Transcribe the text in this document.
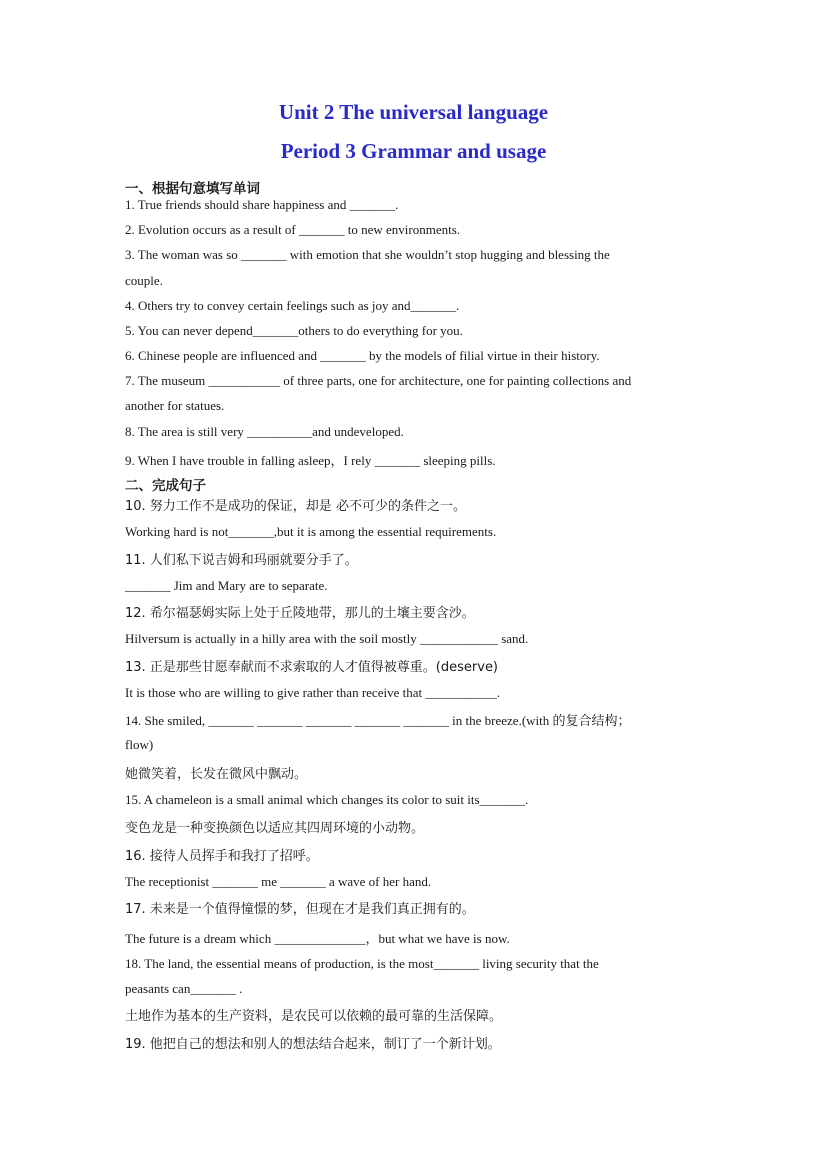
Unit 2 The universal language
Period 3 Grammar and usage
一、根据句意填写单词
1. True friends should share happiness and _______.
2. Evolution occurs as a result of _______ to new environments.
3. The woman was so _______ with emotion that she wouldn’t stop hugging and blessing the
couple.
4. Others try to convey certain feelings such as joy and_______.
5. You can never depend_______others to do everything for you.
6. Chinese people are influenced and _______ by the models of filial virtue in their history.
7. The museum ___________ of three parts, one for architecture, one for painting collections and
another for statues.
8. The area is still very __________and undeveloped.
9. When I have trouble in falling asleep，I rely _______ sleeping pills.
二、完成句子
10. 努力工作不是成功的保证，却是 必不可少的条件之一。
Working hard is not_______,but it is among the essential requirements.
11. 人们私下说吉姆和玛丽就要分手了。
_______ Jim and Mary are to separate.
12. 希尔福瑟姆实际上处于丘陵地带，那儿的土壤主要含沙。
Hilversum is actually in a hilly area with the soil mostly ____________ sand.
13. 正是那些甘愿奉献而不求索取的人才值得被尊重。(deserve)
It is those who are willing to give rather than receive that ___________.
14. She smiled, _______ _______ _______ _______ _______ in the breeze.(with 的复合结构；
flow)
她微笑着，长发在微风中飘动。
15. A chameleon is a small animal which changes its color to suit its_______.
变色龙是一种变换颜色以适应其四周环境的小动物。
16. 接待人员挥手和我打了招呼。
The receptionist _______ me _______ a wave of her hand.
17. 未来是一个值得憧憬的梦，但现在才是我们真正拥有的。
The future is a dream which ______________，but what we have is now.
18. The land, the essential means of production, is the most_______ living security that the
peasants can_______ .
土地作为基本的生产资料，是农民可以依赖的最可靠的生活保障。
19. 他把自己的想法和别人的想法结合起来，制订了一个新计划。
